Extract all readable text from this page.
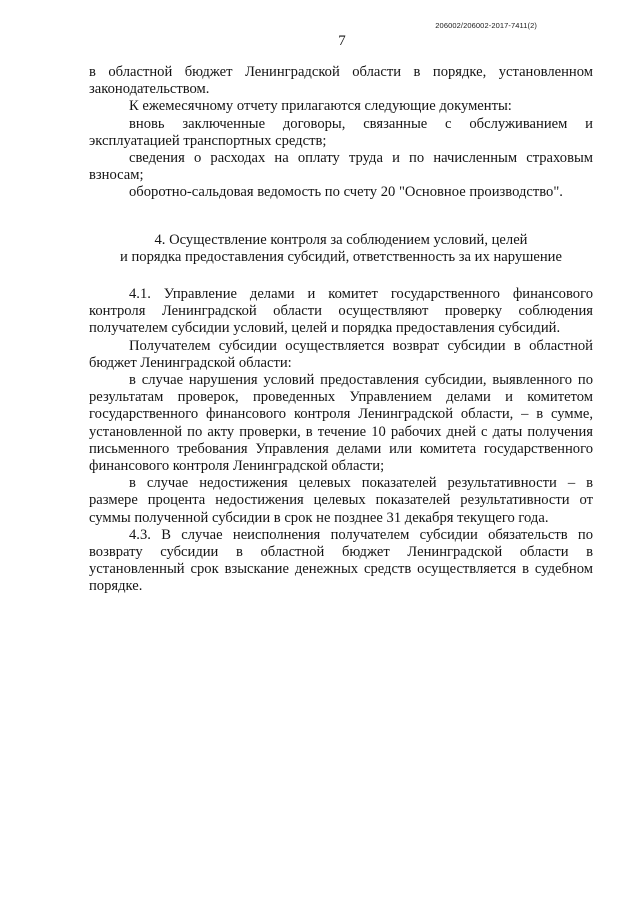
206002/206002-2017-7411(2)
7

в областной бюджет Ленинградской области в порядке, установленном законодательством.

К ежемесячному отчету прилагаются следующие документы:

вновь заключенные договоры, связанные с обслуживанием и эксплуатацией транспортных средств;

сведения о расходах на оплату труда и по начисленным страховым взносам;

оборотно-сальдовая ведомость по счету 20 "Основное производство".

4. Осуществление контроля за соблюдением условий, целей
и порядка предоставления субсидий, ответственность за их нарушение

4.1. Управление делами и комитет государственного финансового контроля Ленинградской области осуществляют проверку соблюдения получателем субсидии условий, целей и порядка предоставления субсидий.

Получателем субсидии осуществляется возврат субсидии в областной бюджет Ленинградской области:

в случае нарушения условий предоставления субсидии, выявленного по результатам проверок, проведенных Управлением делами и комитетом государственного финансового контроля Ленинградской области, – в сумме, установленной по акту проверки, в течение 10 рабочих дней с даты получения письменного требования Управления делами или комитета государственного финансового контроля Ленинградской области;

в случае недостижения целевых показателей результативности – в размере процента недостижения целевых показателей результативности от суммы полученной субсидии в срок не позднее 31 декабря текущего года.

4.3. В случае неисполнения получателем субсидии обязательств по возврату субсидии в областной бюджет Ленинградской области в установленный срок взыскание денежных средств осуществляется в судебном порядке.
